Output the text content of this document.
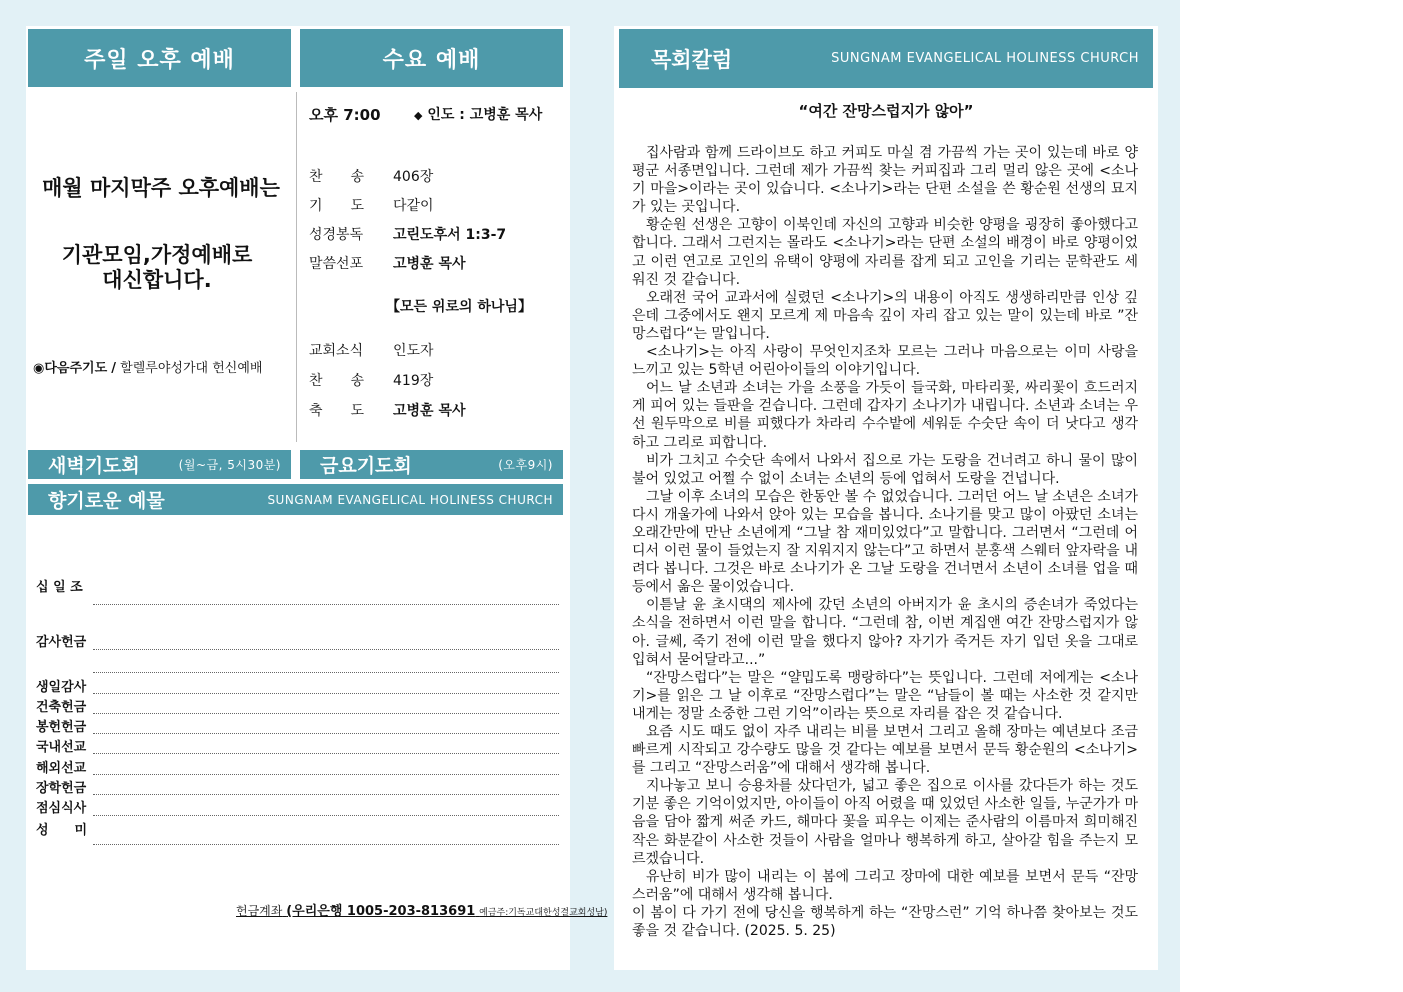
주일 오후 예배	수요 예배
매월 마지막주 오후예배는
기관모임,가정예배로
대신합니다.
◉다음주기도 / 할렐루야성가대 헌신예배
오후 7:00	◆ 인도 : 고병훈 목사
찬　　송	406장
기　　도	다같이
성경봉독	고린도후서 1:3-7
말씀선포	고병훈 목사
【모든 위로의 하나님】
교회소식	인도자
찬　　송	419장
축　　도	고병훈 목사
새벽기도회	(월~금, 5시30분) 금요기도회	(오후9시)
향기로운 예물	SUNGNAM EVANGELICAL HOLINESS CHURCH
십 일 조
감사헌금
생일감사
건축헌금
봉헌헌금
국내선교
해외선교
장학헌금
점심식사
성　　미
헌금계좌 (우리은행 1005-203-813691 예금주:기독교대한성결교회성남)
목회칼럼	SUNGNAM EVANGELICAL HOLINESS CHURCH
“여간 잔망스럽지가 않아”

집사람과 함께 드라이브도 하고 커피도 마실 겸 가끔씩 가는 곳이 있는데 바로 양평군 서종면입니다. 그런데 제가 가끔씩 찾는 커피집과 그리 멀리 않은 곳에 <소나기 마을>이라는 곳이 있습니다. <소나기>라는 단편 소설을 쓴 황순원 선생의 묘지가 있는 곳입니다.

황순원 선생은 고향이 이북인데 자신의 고향과 비슷한 양평을 굉장히 좋아했다고 합니다. 그래서 그런지는 몰라도 <소나기>라는 단편 소설의 배경이 바로 양평이었고 이런 연고로 고인의 유택이 양평에 자리를 잡게 되고 고인을 기리는 문학관도 세워진 것 같습니다.

오래전 국어 교과서에 실렸던 <소나기>의 내용이 아직도 생생하리만큼 인상 깊은데 그중에서도 왠지 모르게 제 마음속 깊이 자리 잡고 있는 말이 있는데 바로 ”잔망스럽다“는 말입니다.

<소나기>는 아직 사랑이 무엇인지조차 모르는 그러나 마음으로는 이미 사랑을 느끼고 있는 5학년 어린아이들의 이야기입니다.

어느 날 소년과 소녀는 가을 소풍을 가듯이 들국화, 마타리꽃, 싸리꽃이 흐드러지게 피어 있는 들판을 걷습니다. 그런데 갑자기 소나기가 내립니다. 소년과 소녀는 우선 원두막으로 비를 피했다가 차라리 수수밭에 세워둔 수숫단 속이 더 낫다고 생각하고 그리로 피합니다.

비가 그치고 수숫단 속에서 나와서 집으로 가는 도랑을 건너려고 하니 물이 많이 불어 있었고 어쩔 수 없이 소녀는 소년의 등에 업혀서 도랑을 건넙니다.

그날 이후 소녀의 모습은 한동안 볼 수 없었습니다. 그러던 어느 날 소년은 소녀가 다시 개울가에 나와서 앉아 있는 모습을 봅니다. 소나기를 맞고 많이 아팠던 소녀는 오래간만에 만난 소년에게 “그날 참 재미있었다”고 말합니다. 그러면서 “그런데 어디서 이런 물이 들었는지 잘 지워지지 않는다”고 하면서 분홍색 스웨터 앞자락을 내려다 봅니다. 그것은 바로 소나기가 온 그날 도랑을 건너면서 소년이 소녀를 업을 때 등에서 옮은 물이었습니다.

이튿날 윤 초시댁의 제사에 갔던 소년의 아버지가 윤 초시의 증손녀가 죽었다는 소식을 전하면서 이런 말을 합니다. “그런데 참, 이번 계집앤 여간 잔망스럽지가 않아. 글쎄, 죽기 전에 이런 말을 했다지 않아? 자기가 죽거든 자기 입던 옷을 그대로 입혀서 묻어달라고...”

“잔망스럽다”는 말은 “얄밉도록 맹랑하다”는 뜻입니다. 그런데 저에게는 <소나기>를 읽은 그 날 이후로 “잔망스럽다”는 말은 “남들이 볼 때는 사소한 것 같지만 내게는 정말 소중한 그런 기억”이라는 뜻으로 자리를 잡은 것 같습니다.

요즘 시도 때도 없이 자주 내리는 비를 보면서 그리고 올해 장마는 예년보다 조금 빠르게 시작되고 강수량도 많을 것 같다는 예보를 보면서 문득 황순원의 <소나기>를 그리고 “잔망스러움”에 대해서 생각해 봅니다.

지나놓고 보니 승용차를 샀다던가, 넓고 좋은 집으로 이사를 갔다든가 하는 것도 기분 좋은 기억이었지만, 아이들이 아직 어렸을 때 있었던 사소한 일들, 누군가가 마음을 담아 짧게 써준 카드, 해마다 꽃을 피우는 이제는 준사람의 이름마저 희미해진 작은 화분같이 사소한 것들이 사람을 얼마나 행복하게 하고, 살아갈 힘을 주는지 모르겠습니다.

유난히 비가 많이 내리는 이 봄에 그리고 장마에 대한 예보를 보면서 문득 “잔망스러움”에 대해서 생각해 봅니다.

이 봄이 다 가기 전에 당신을 행복하게 하는 “잔망스런” 기억 하나쯤 찾아보는 것도 좋을 것 같습니다. (2025. 5. 25)
